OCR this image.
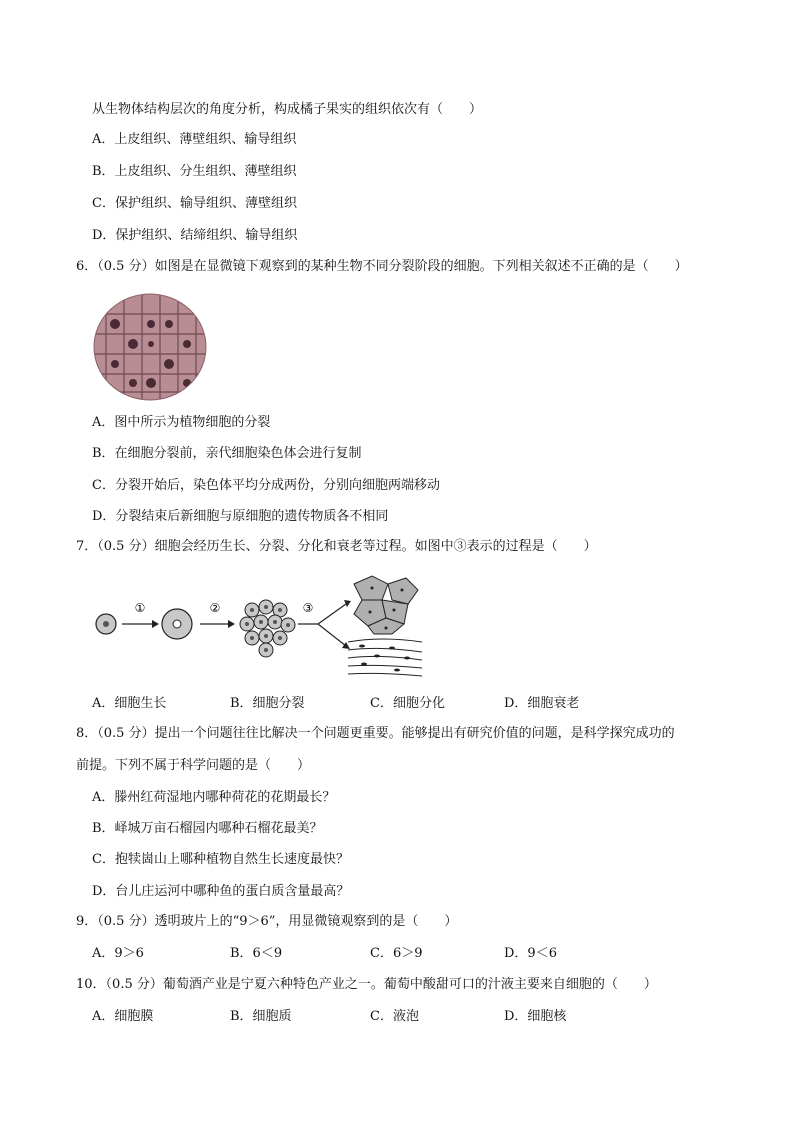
从生物体结构层次的角度分析，构成橘子果实的组织依次有（　　）
A．上皮组织、薄壁组织、输导组织
B．上皮组织、分生组织、薄壁组织
C．保护组织、输导组织、薄壁组织
D．保护组织、结缔组织、输导组织
6．（0.5 分）如图是在显微镜下观察到的某种生物不同分裂阶段的细胞。下列相关叙述不正确的是（　　）
A．图中所示为植物细胞的分裂
B．在细胞分裂前，亲代细胞染色体会进行复制
C．分裂开始后，染色体平均分成两份，分别向细胞两端移动
D．分裂结束后新细胞与原细胞的遗传物质各不相同
7．（0.5 分）细胞会经历生长、分裂、分化和衰老等过程。如图中③表示的过程是（　　）
①	②	③
A．细胞生长	B．细胞分裂	C．细胞分化	D．细胞衰老
8．（0.5 分）提出一个问题往往比解决一个问题更重要。能够提出有研究价值的问题，是科学探究成功的
前提。下列不属于科学问题的是（　　）
A．滕州红荷湿地内哪种荷花的花期最长？
B．峄城万亩石榴园内哪种石榴花最美？
C．抱犊崮山上哪种植物自然生长速度最快？
D．台儿庄运河中哪种鱼的蛋白质含量最高？
9．（0.5 分）透明玻片上的“9＞6”，用显微镜观察到的是（　　）
A．9＞6	B．6＜9	C．6＞9	D．9＜6
10．（0.5 分）葡萄酒产业是宁夏六种特色产业之一。葡萄中酸甜可口的汁液主要来自细胞的（　　）
A．细胞膜	B．细胞质	C．液泡	D．细胞核
